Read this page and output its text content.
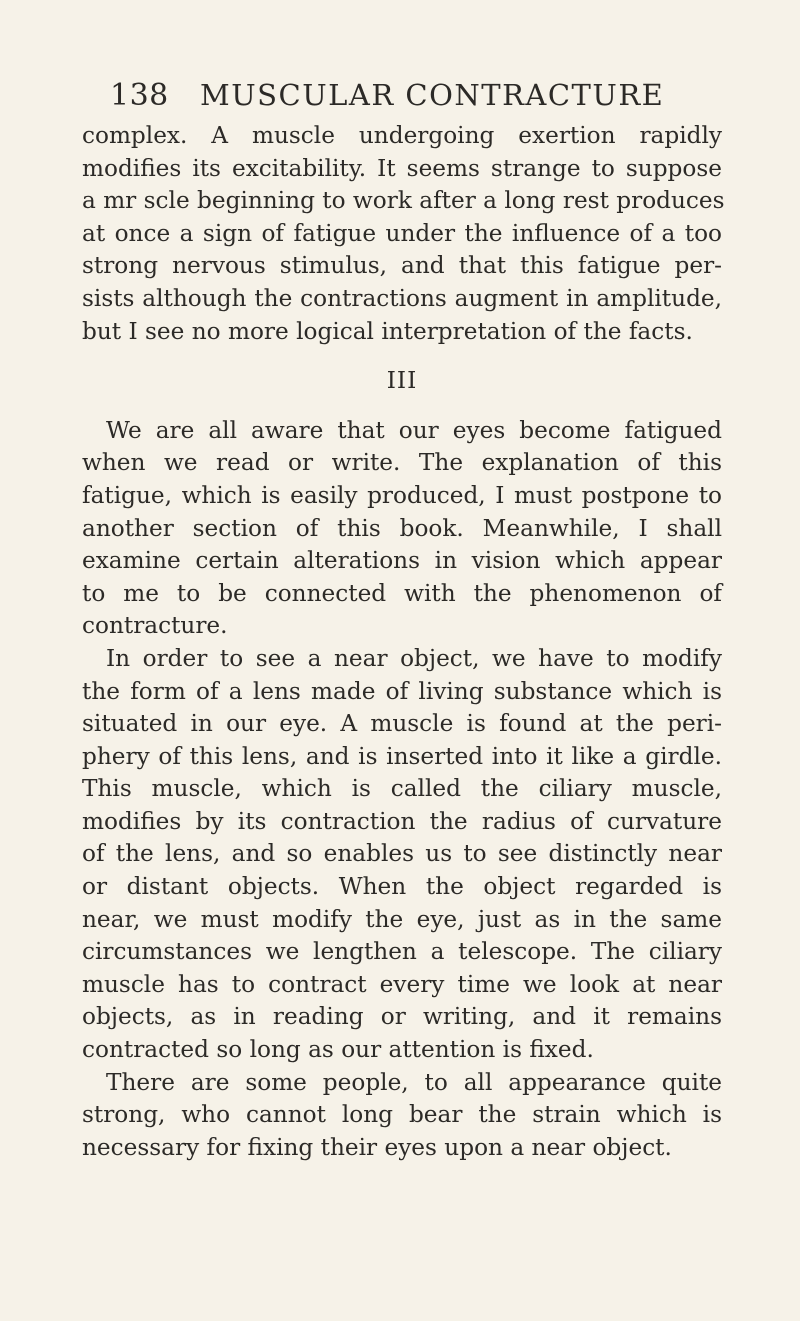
138 MUSCULAR CONTRACTURE
complex. A muscle undergoing exertion rapidly
modifies its excitability. It seems strange to suppose
a mr scle beginning to work after a long rest produces
at once a sign of fatigue under the influence of a too
strong nervous stimulus, and that this fatigue per-
sists although the contractions augment in amplitude,
but I see no more logical interpretation of the facts.
III
We are all aware that our eyes become fatigued
when we read or write. The explanation of this
fatigue, which is easily produced, I must postpone to
another section of this book. Meanwhile, I shall
examine certain alterations in vision which appear
to me to be connected with the phenomenon of
contracture.
In order to see a near object, we have to modify
the form of a lens made of living substance which is
situated in our eye. A muscle is found at the peri-
phery of this lens, and is inserted into it like a girdle.
This muscle, which is called the ciliary muscle,
modifies by its contraction the radius of curvature
of the lens, and so enables us to see distinctly near
or distant objects. When the object regarded is
near, we must modify the eye, just as in the same
circumstances we lengthen a telescope. The ciliary
muscle has to contract every time we look at near
objects, as in reading or writing, and it remains
contracted so long as our attention is fixed.
There are some people, to all appearance quite
strong, who cannot long bear the strain which is
necessary for fixing their eyes upon a near object.
